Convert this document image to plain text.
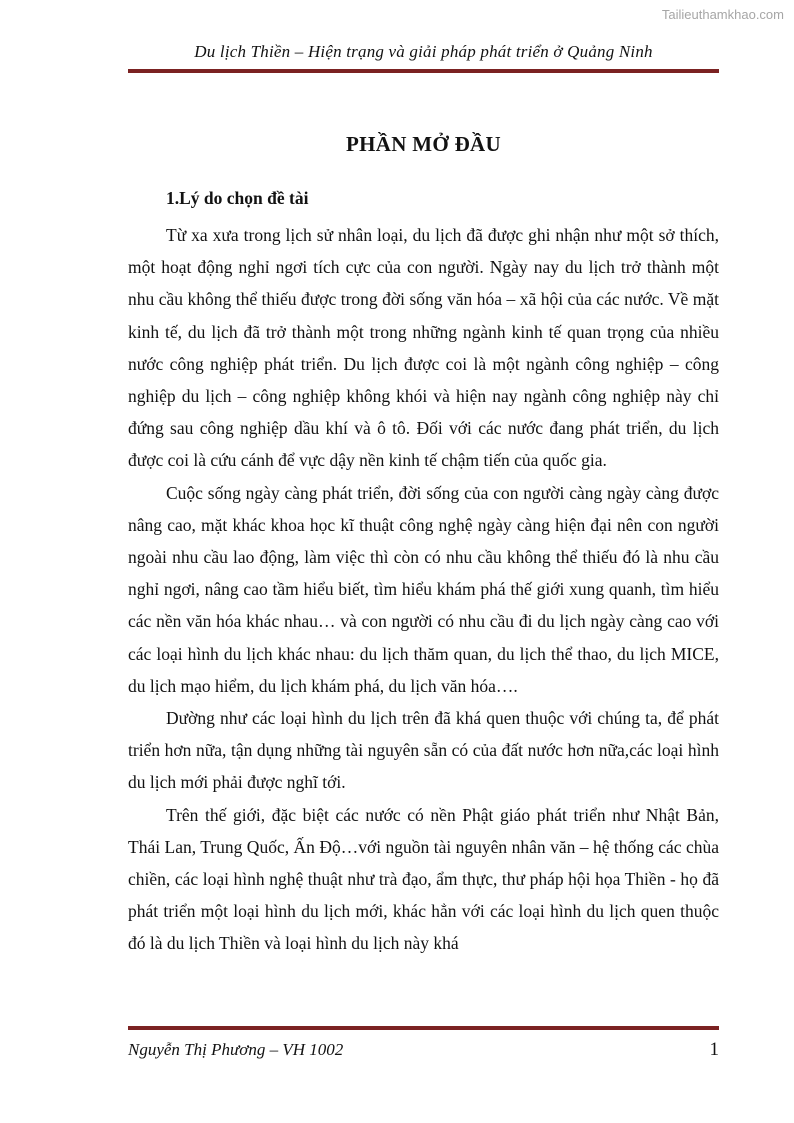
Tailieuthamkhao.com
Du lịch Thiền – Hiện trạng và giải pháp phát triển ở Quảng Ninh
PHẦN MỞ ĐẦU
1.Lý do chọn đề tài

Từ xa xưa trong lịch sử nhân loại, du lịch đã được ghi nhận như một sở thích, một hoạt động nghỉ ngơi tích cực của con người. Ngày nay du lịch trở thành một nhu cầu không thể thiếu được trong đời sống văn hóa – xã hội của các nước. Về mặt kinh tế, du lịch đã trở thành một trong những ngành kinh tế quan trọng của nhiều nước công nghiệp phát triển. Du lịch được coi là một ngành công nghiệp – công nghiệp du lịch – công nghiệp không khói và hiện nay ngành công nghiệp này chỉ đứng sau công nghiệp dầu khí và ô tô. Đối với các nước đang phát triển, du lịch được coi là cứu cánh để vực dậy nền kinh tế chậm tiến của quốc gia.

Cuộc sống ngày càng phát triển, đời sống của con người càng ngày càng được nâng cao, mặt khác khoa học kĩ thuật công nghệ ngày càng hiện đại nên con người ngoài nhu cầu lao động, làm việc thì còn có nhu cầu không thể thiếu đó là nhu cầu nghỉ ngơi, nâng cao tầm hiểu biết, tìm hiểu khám phá thế giới xung quanh, tìm hiểu các nền văn hóa khác nhau… và con người có nhu cầu đi du lịch ngày càng cao với các loại hình du lịch khác nhau: du lịch thăm quan, du lịch thể thao, du lịch MICE, du lịch mạo hiểm, du lịch khám phá, du lịch văn hóa….

Dường như các loại hình du lịch trên đã khá quen thuộc với chúng ta, để phát triển hơn nữa, tận dụng những tài nguyên sẵn có của đất nước hơn nữa,các loại hình du lịch mới phải được nghĩ tới.

Trên thế giới, đặc biệt các nước có nền Phật giáo phát triển như Nhật Bản, Thái Lan, Trung Quốc, Ấn Độ…với nguồn tài nguyên nhân văn – hệ thống các chùa chiền, các loại hình nghệ thuật như trà đạo, ẩm thực, thư pháp hội họa Thiền - họ đã phát triển một loại hình du lịch mới, khác hẳn với các loại hình du lịch quen thuộc đó là du lịch Thiền và loại hình du lịch này khá

Nguyễn Thị Phương – VH 1002	1
